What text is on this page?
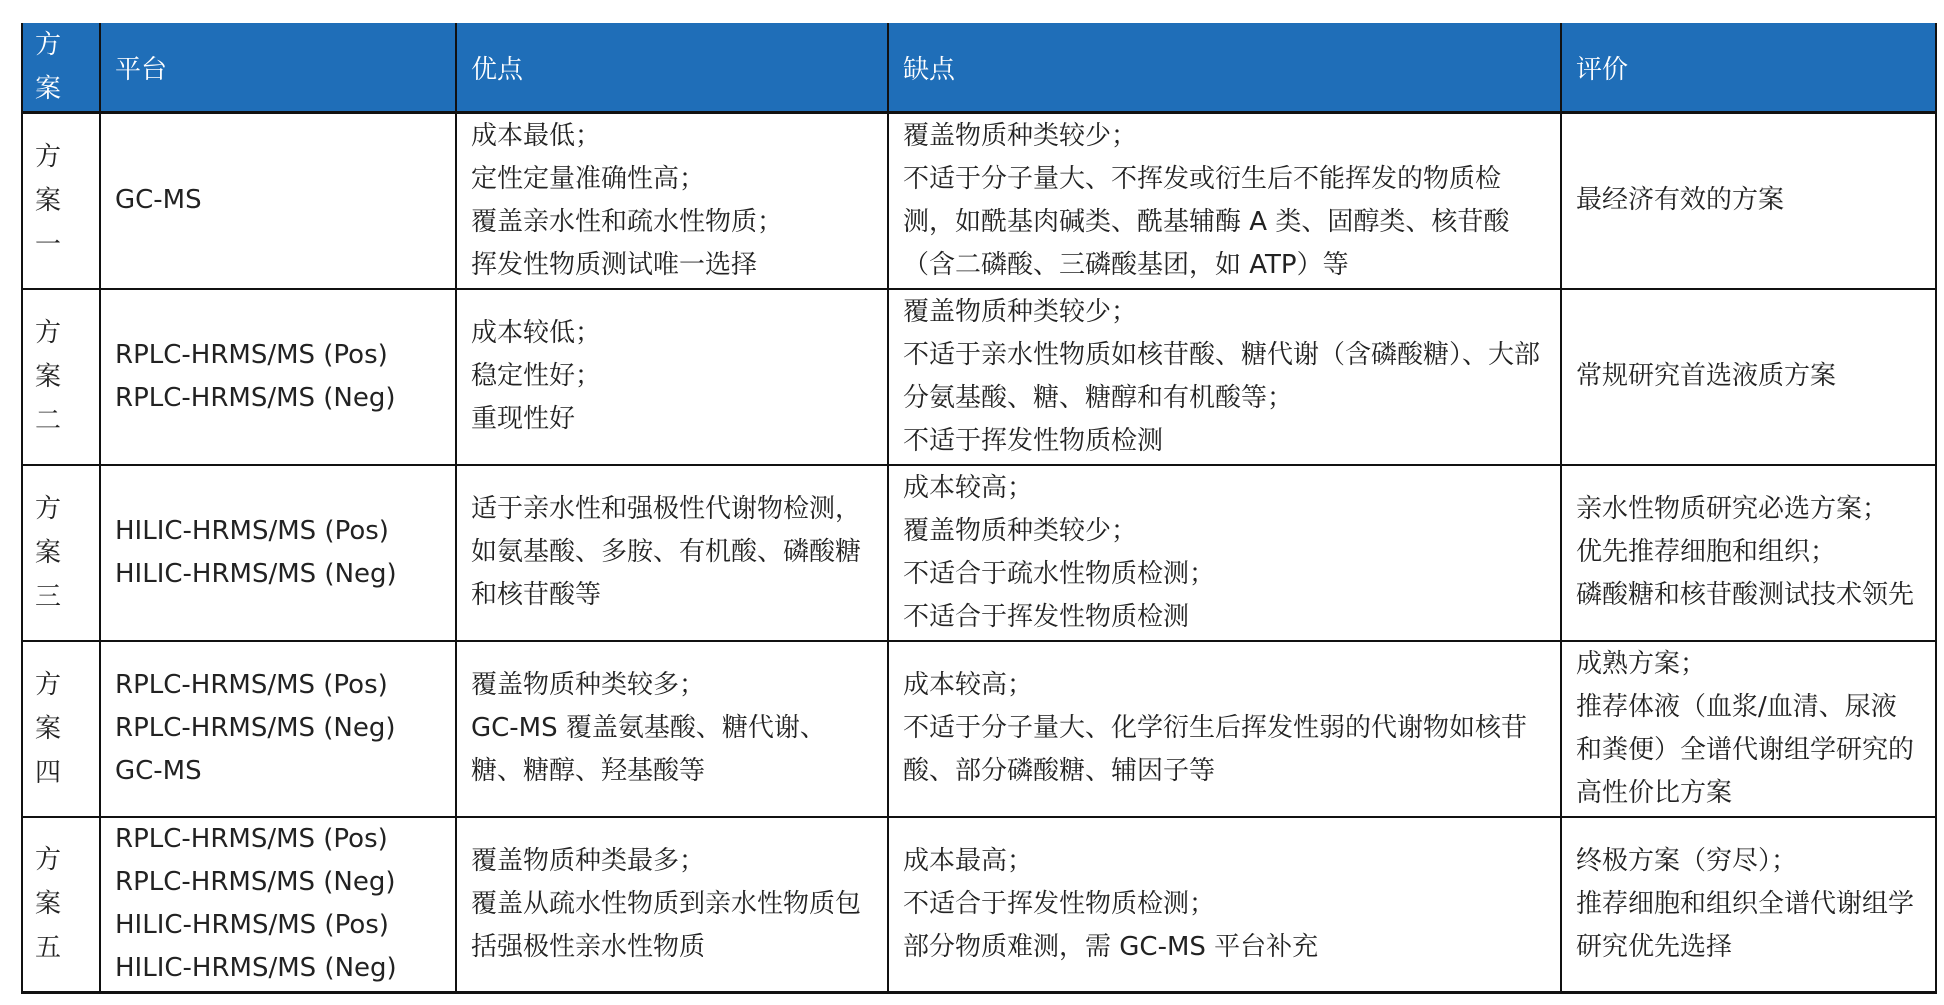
方
案	平台	优点	缺点	评价

方
案
一	GC-MS	成本最低；
定性定量准确性高；
覆盖亲水性和疏水性物质；
挥发性物质测试唯一选择	覆盖物质种类较少；
不适于分子量大、不挥发或衍生后不能挥发的物质检测，如酰基肉碱类、酰基辅酶 A 类、固醇类、核苷酸（含二磷酸、三磷酸基团，如 ATP）等	最经济有效的方案

方
案
二	RPLC-HRMS/MS (Pos)
RPLC-HRMS/MS (Neg)	成本较低；
稳定性好；
重现性好	覆盖物质种类较少；
不适于亲水性物质如核苷酸、糖代谢（含磷酸糖）、大部分氨基酸、糖、糖醇和有机酸等；
不适于挥发性物质检测	常规研究首选液质方案

方
案
三	HILIC-HRMS/MS (Pos)
HILIC-HRMS/MS (Neg)	适于亲水性和强极性代谢物检测，如氨基酸、多胺、有机酸、磷酸糖和核苷酸等	成本较高；
覆盖物质种类较少；
不适合于疏水性物质检测；
不适合于挥发性物质检测	亲水性物质研究必选方案；
优先推荐细胞和组织；
磷酸糖和核苷酸测试技术领先

方
案
四	RPLC-HRMS/MS (Pos)
RPLC-HRMS/MS (Neg)
GC-MS	覆盖物质种类较多；
GC-MS 覆盖氨基酸、糖代谢、糖、糖醇、羟基酸等	成本较高；
不适于分子量大、化学衍生后挥发性弱的代谢物如核苷酸、部分磷酸糖、辅因子等	成熟方案；
推荐体液（血浆/血清、尿液和粪便）全谱代谢组学研究的高性价比方案

方
案
五	RPLC-HRMS/MS (Pos)
RPLC-HRMS/MS (Neg)
HILIC-HRMS/MS (Pos)
HILIC-HRMS/MS (Neg)	覆盖物质种类最多；
覆盖从疏水性物质到亲水性物质包括强极性亲水性物质	成本最高；
不适合于挥发性物质检测；
部分物质难测，需 GC-MS 平台补充	终极方案（穷尽）；
推荐细胞和组织全谱代谢组学研究优先选择
